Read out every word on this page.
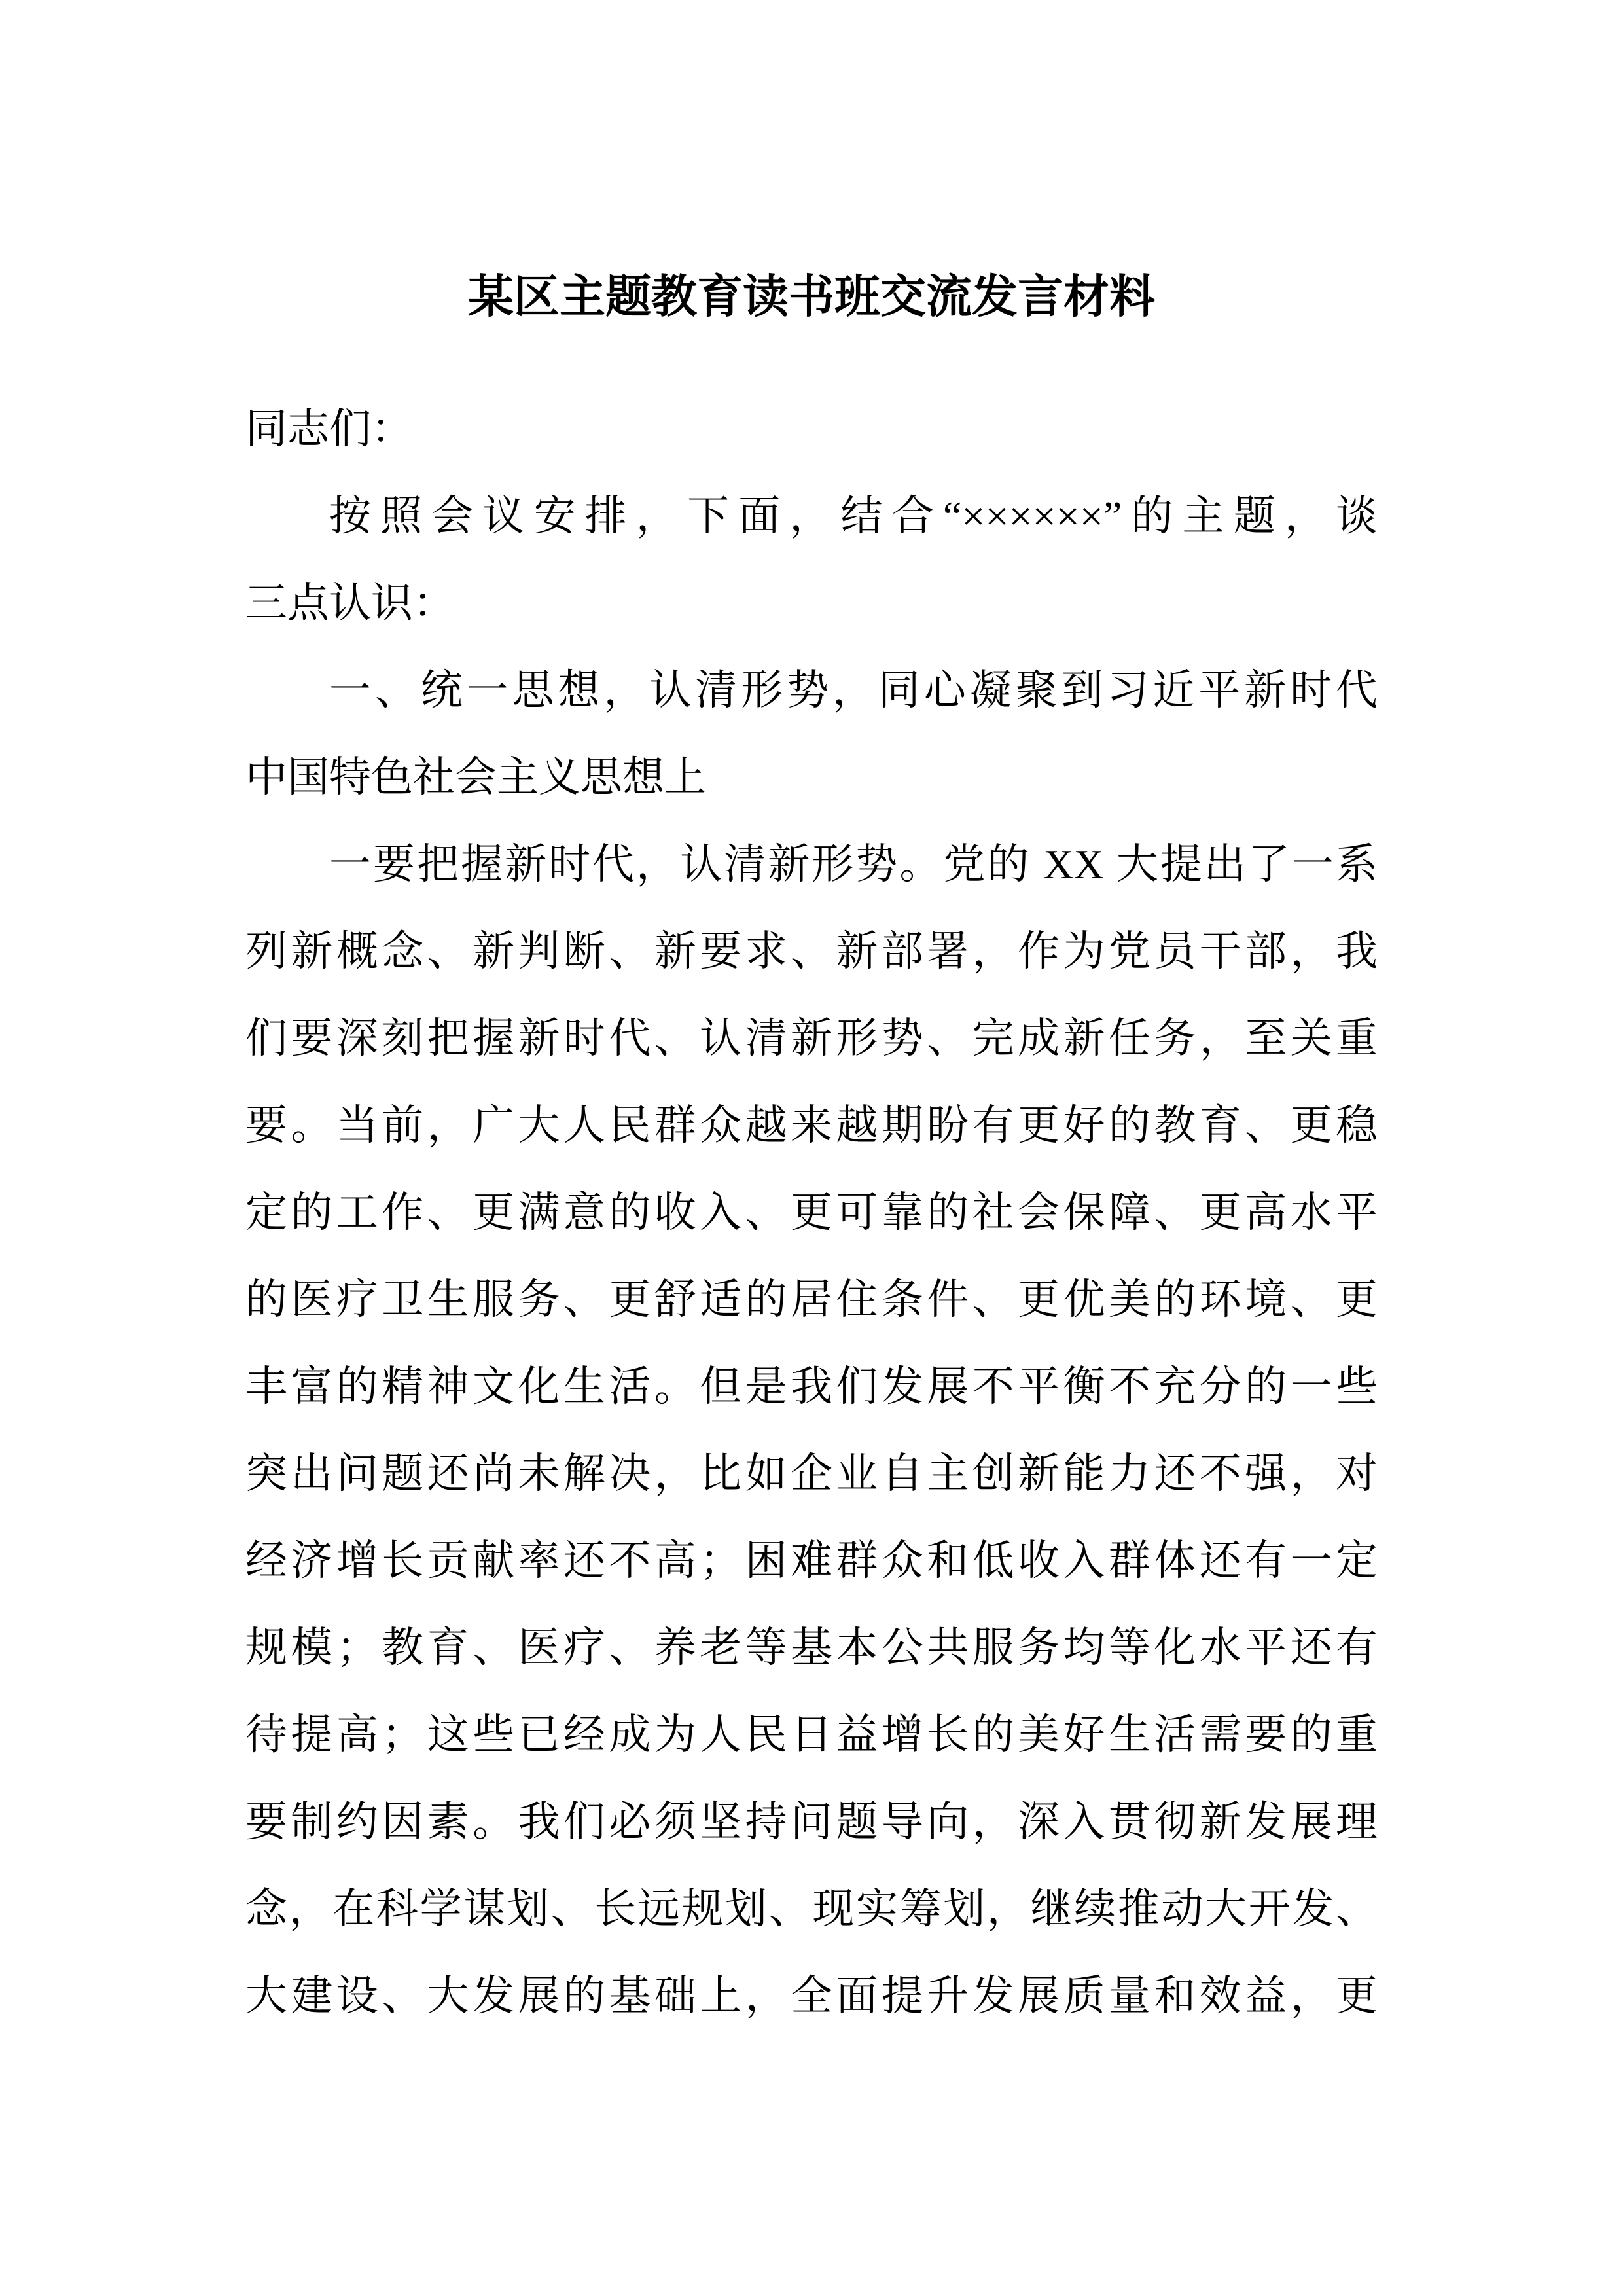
某区主题教育读书班交流发言材料
同志们：
按照会议安排，下面，结合“××××××”的主题，谈
三点认识：
一、统一思想，认清形势，同心凝聚到习近平新时代
中国特色社会主义思想上
一要把握新时代，认清新形势。党的 XX 大提出了一系
列新概念、新判断、新要求、新部署，作为党员干部，我
们要深刻把握新时代、认清新形势、完成新任务，至关重
要。当前，广大人民群众越来越期盼有更好的教育、更稳
定的工作、更满意的收入、更可靠的社会保障、更高水平
的医疗卫生服务、更舒适的居住条件、更优美的环境、更
丰富的精神文化生活。但是我们发展不平衡不充分的一些
突出问题还尚未解决，比如企业自主创新能力还不强，对
经济增长贡献率还不高；困难群众和低收入群体还有一定
规模；教育、医疗、养老等基本公共服务均等化水平还有
待提高；这些已经成为人民日益增长的美好生活需要的重
要制约因素。我们必须坚持问题导向，深入贯彻新发展理
念，在科学谋划、长远规划、现实筹划，继续推动大开发、
大建设、大发展的基础上，全面提升发展质量和效益，更
